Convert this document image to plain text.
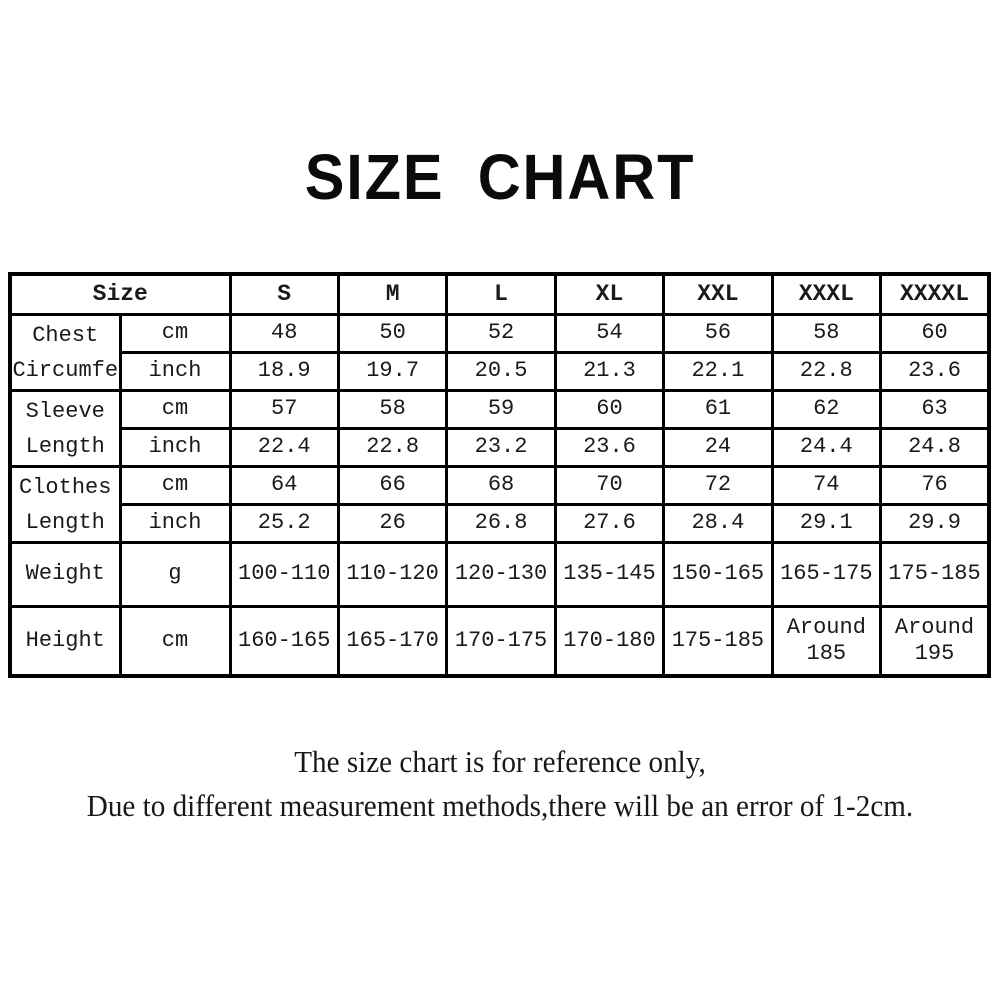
SIZE CHART
Size		S	M	L	XL	XXL	XXXL	XXXXL

Chest
Circumfe	cm	48	50	52	54	56	58	60
	inch	18.9	19.7	20.5	21.3	22.1	22.8	23.6

Sleeve
Length	cm	57	58	59	60	61	62	63
	inch	22.4	22.8	23.2	23.6	24	24.4	24.8

Clothes
Length	cm	64	66	68	70	72	74	76
	inch	25.2	26	26.8	27.6	28.4	29.1	29.9
Weight	g	100-110	110-120	120-130	135-145	150-165	165-175	175-185
Height	cm	160-165	165-170	170-175	170-180	175-185	Around 185	Around 195

The size chart is for reference only,

Due to different measurement methods,there will be an error of 1-2cm.
